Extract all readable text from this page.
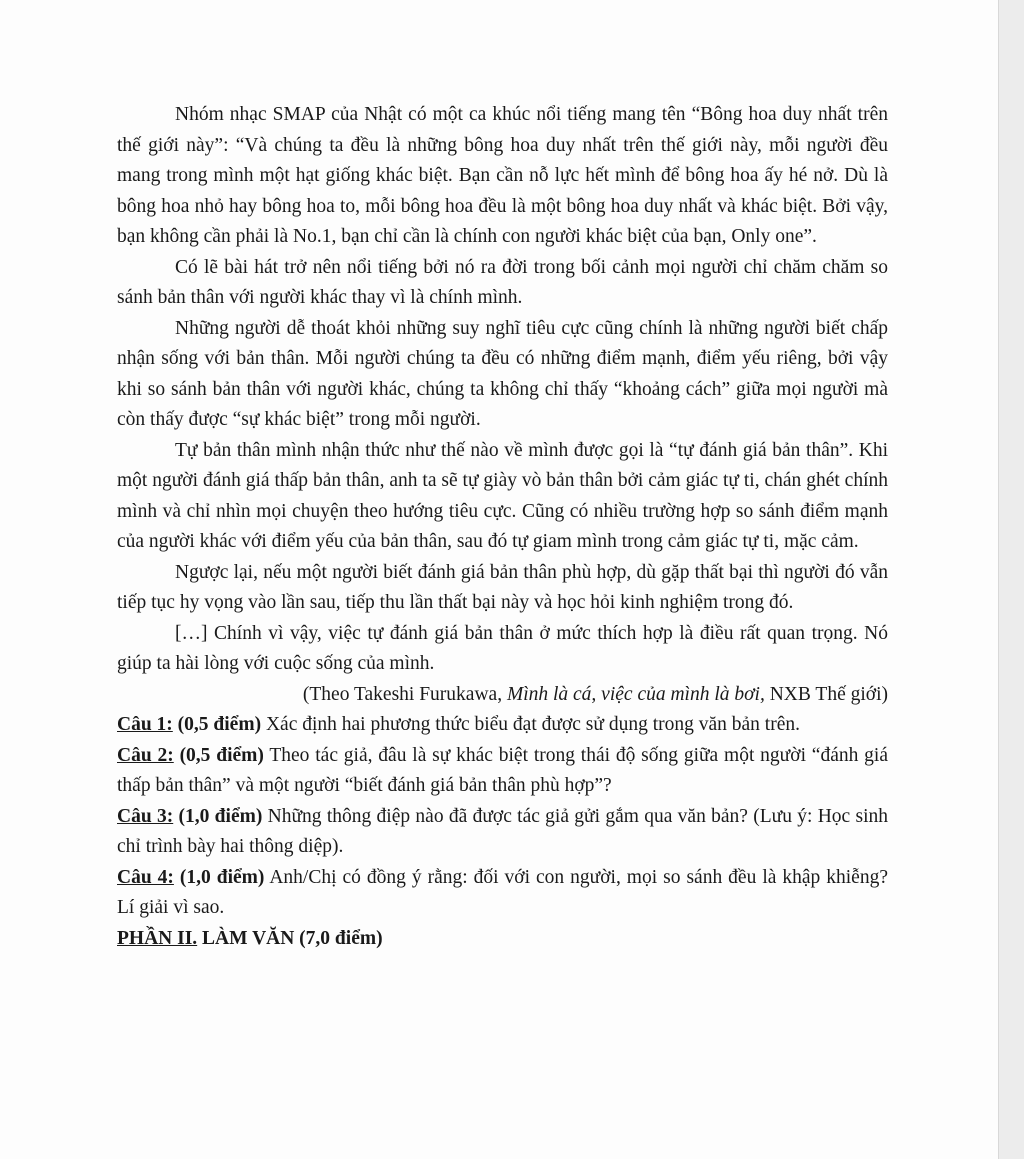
Nhóm nhạc SMAP của Nhật có một ca khúc nổi tiếng mang tên “Bông hoa duy nhất trên thế giới này”: “Và chúng ta đều là những bông hoa duy nhất trên thế giới này, mỗi người đều mang trong mình một hạt giống khác biệt. Bạn cần nỗ lực hết mình để bông hoa ấy hé nở. Dù là bông hoa nhỏ hay bông hoa to, mỗi bông hoa đều là một bông hoa duy nhất và khác biệt. Bởi vậy, bạn không cần phải là No.1, bạn chỉ cần là chính con người khác biệt của bạn, Only one”.

Có lẽ bài hát trở nên nổi tiếng bởi nó ra đời trong bối cảnh mọi người chỉ chăm chăm so sánh bản thân với người khác thay vì là chính mình.

Những người dễ thoát khỏi những suy nghĩ tiêu cực cũng chính là những người biết chấp nhận sống với bản thân. Mỗi người chúng ta đều có những điểm mạnh, điểm yếu riêng, bởi vậy khi so sánh bản thân với người khác, chúng ta không chỉ thấy “khoảng cách” giữa mọi người mà còn thấy được “sự khác biệt” trong mỗi người.

Tự bản thân mình nhận thức như thế nào về mình được gọi là “tự đánh giá bản thân”. Khi một người đánh giá thấp bản thân, anh ta sẽ tự giày vò bản thân bởi cảm giác tự ti, chán ghét chính mình và chỉ nhìn mọi chuyện theo hướng tiêu cực. Cũng có nhiều trường hợp so sánh điểm mạnh của người khác với điểm yếu của bản thân, sau đó tự giam mình trong cảm giác tự ti, mặc cảm.

Ngược lại, nếu một người biết đánh giá bản thân phù hợp, dù gặp thất bại thì người đó vẫn tiếp tục hy vọng vào lần sau, tiếp thu lần thất bại này và học hỏi kinh nghiệm trong đó.

[…] Chính vì vậy, việc tự đánh giá bản thân ở mức thích hợp là điều rất quan trọng. Nó giúp ta hài lòng với cuộc sống của mình.

(Theo Takeshi Furukawa, Mình là cá, việc của mình là bơi, NXB Thế giới)

Câu 1: (0,5 điểm) Xác định hai phương thức biểu đạt được sử dụng trong văn bản trên.

Câu 2: (0,5 điểm) Theo tác giả, đâu là sự khác biệt trong thái độ sống giữa một người “đánh giá thấp bản thân” và một người “biết đánh giá bản thân phù hợp”?

Câu 3: (1,0 điểm) Những thông điệp nào đã được tác giả gửi gắm qua văn bản? (Lưu ý: Học sinh chỉ trình bày hai thông diệp).

Câu 4: (1,0 điểm) Anh/Chị có đồng ý rằng: đối với con người, mọi so sánh đều là khập khiễng? Lí giải vì sao.

PHẦN II. LÀM VĂN (7,0 điểm)
